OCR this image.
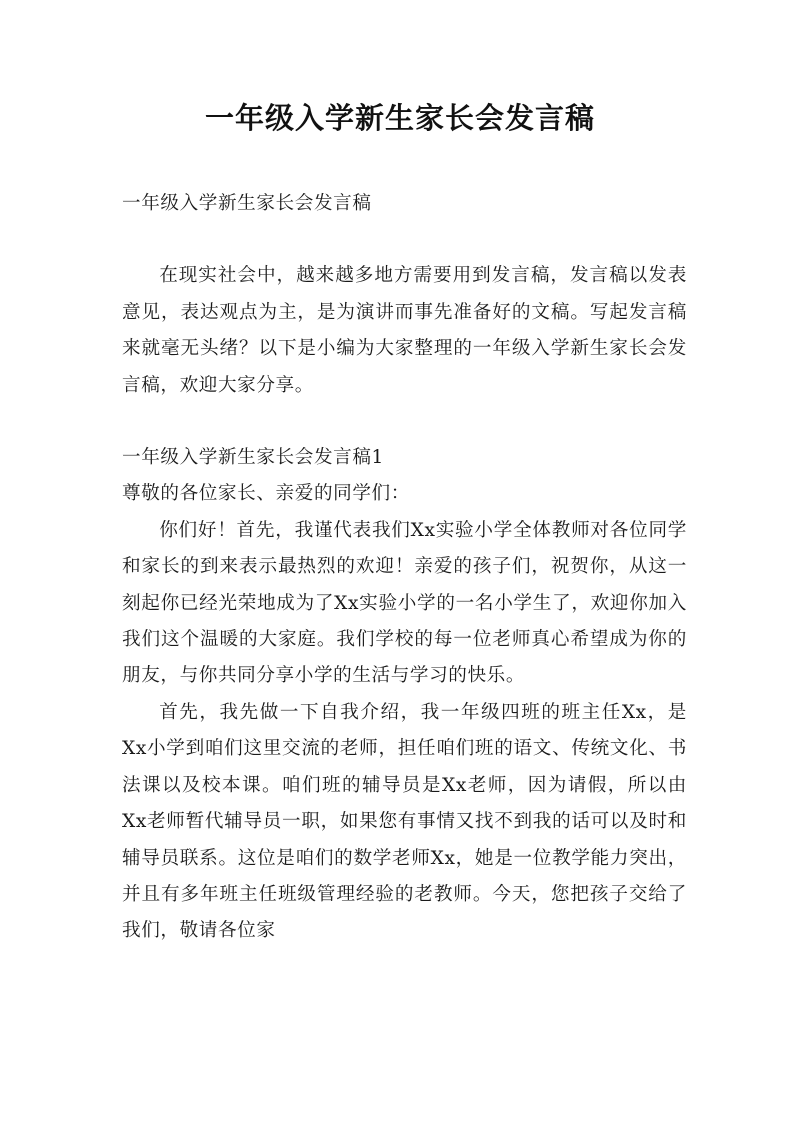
一年级入学新生家长会发言稿

一年级入学新生家长会发言稿

在现实社会中，越来越多地方需要用到发言稿，发言稿以发表意见，表达观点为主，是为演讲而事先准备好的文稿。写起发言稿来就毫无头绪？以下是小编为大家整理的一年级入学新生家长会发言稿，欢迎大家分享。

一年级入学新生家长会发言稿1

尊敬的各位家长、亲爱的同学们：

你们好！首先，我谨代表我们Xx实验小学全体教师对各位同学和家长的到来表示最热烈的欢迎！亲爱的孩子们，祝贺你，从这一刻起你已经光荣地成为了Xx实验小学的一名小学生了，欢迎你加入我们这个温暖的大家庭。我们学校的每一位老师真心希望成为你的朋友，与你共同分享小学的生活与学习的快乐。

首先，我先做一下自我介绍，我一年级四班的班主任Xx，是Xx小学到咱们这里交流的老师，担任咱们班的语文、传统文化、书法课以及校本课。咱们班的辅导员是Xx老师，因为请假，所以由Xx老师暂代辅导员一职，如果您有事情又找不到我的话可以及时和辅导员联系。这位是咱们的数学老师Xx，她是一位教学能力突出，并且有多年班主任班级管理经验的老教师。今天，您把孩子交给了我们，敬请各位家
